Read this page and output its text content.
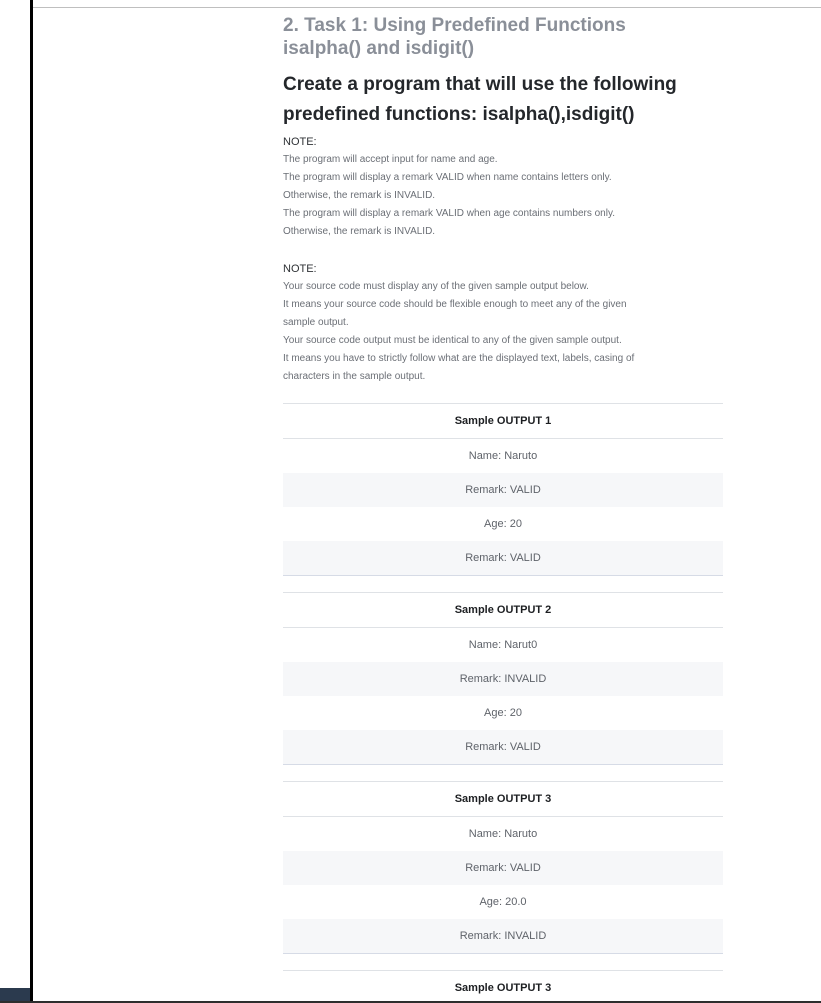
2. Task 1: Using Predefined Functions
isalpha() and isdigit()
Create a program that will use the following
predefined functions: isalpha(),isdigit()

NOTE:

The program will accept input for name and age.

The program will display a remark VALID when name contains letters only.

Otherwise, the remark is INVALID.

The program will display a remark VALID when age contains numbers only.

Otherwise, the remark is INVALID.

NOTE:

Your source code must display any of the given sample output below.

It means your source code should be flexible enough to meet any of the given

sample output.

Your source code output must be identical to any of the given sample output.

It means you have to strictly follow what are the displayed text, labels, casing of

characters in the sample output.

Sample OUTPUT 1
Name: Naruto
Remark: VALID
Age: 20
Remark: VALID
Sample OUTPUT 2
Name: Narut0
Remark: INVALID
Age: 20
Remark: VALID
Sample OUTPUT 3
Name: Naruto
Remark: VALID
Age: 20.0
Remark: INVALID
Sample OUTPUT 3
